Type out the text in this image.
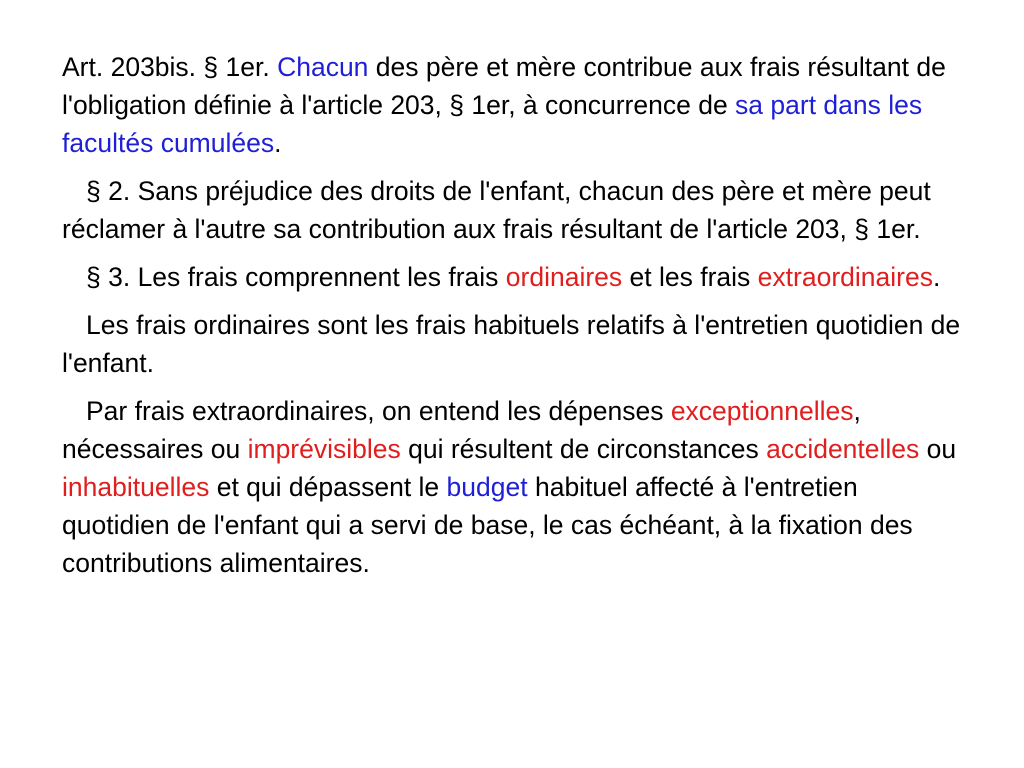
Art. 203bis. § 1er. Chacun des père et mère contribue aux frais résultant de l'obligation définie à l'article 203, § 1er, à concurrence de sa part dans les facultés cumulées.

§ 2. Sans préjudice des droits de l'enfant, chacun des père et mère peut réclamer à l'autre sa contribution aux frais résultant de l'article 203, § 1er.

§ 3. Les frais comprennent les frais ordinaires et les frais extraordinaires.

Les frais ordinaires sont les frais habituels relatifs à l'entretien quotidien de l'enfant.

Par frais extraordinaires, on entend les dépenses exceptionnelles, nécessaires ou imprévisibles qui résultent de circonstances accidentelles ou inhabituelles et qui dépassent le budget habituel affecté à l'entretien quotidien de l'enfant qui a servi de base, le cas échéant, à la fixation des contributions alimentaires.
